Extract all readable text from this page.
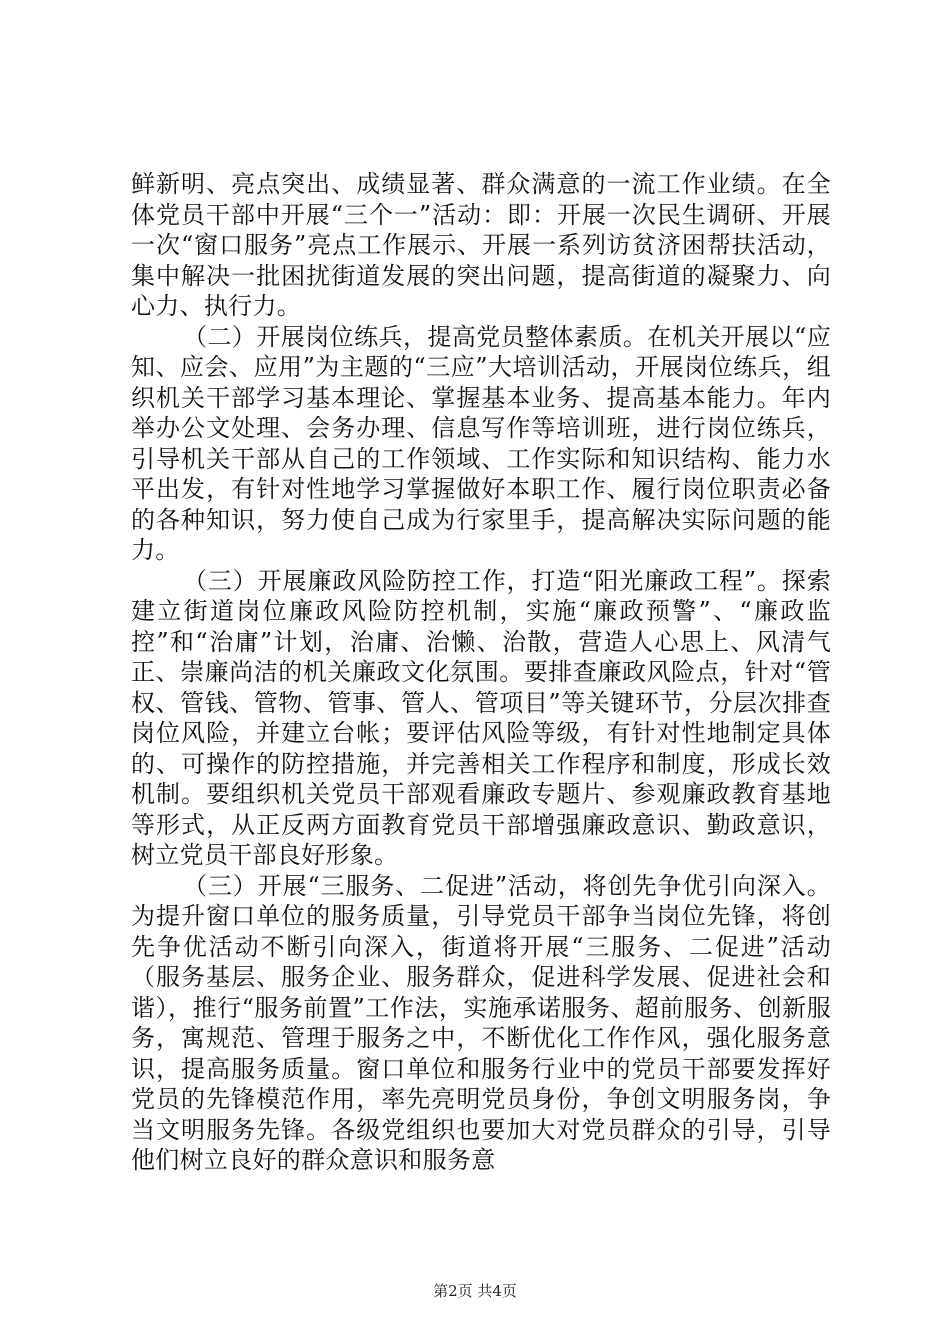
鲜新明、亮点突出、成绩显著、群众满意的一流工作业绩。在全体党员干部中开展“三个一”活动：即：开展一次民生调研、开展一次“窗口服务”亮点工作展示、开展一系列访贫济困帮扶活动，集中解决一批困扰街道发展的突出问题，提高街道的凝聚力、向心力、执行力。

（二）开展岗位练兵，提高党员整体素质。在机关开展以“应知、应会、应用”为主题的“三应”大培训活动，开展岗位练兵，组织机关干部学习基本理论、掌握基本业务、提高基本能力。年内举办公文处理、会务办理、信息写作等培训班，进行岗位练兵，引导机关干部从自己的工作领域、工作实际和知识结构、能力水平出发，有针对性地学习掌握做好本职工作、履行岗位职责必备的各种知识，努力使自己成为行家里手，提高解决实际问题的能力。

（三）开展廉政风险防控工作，打造“阳光廉政工程”。探索建立街道岗位廉政风险防控机制，实施“廉政预警”、“廉政监控”和“治庸”计划，治庸、治懒、治散，营造人心思上、风清气正、崇廉尚洁的机关廉政文化氛围。要排查廉政风险点，针对“管权、管钱、管物、管事、管人、管项目”等关键环节，分层次排查岗位风险，并建立台帐；要评估风险等级，有针对性地制定具体的、可操作的防控措施，并完善相关工作程序和制度，形成长效机制。要组织机关党员干部观看廉政专题片、参观廉政教育基地等形式，从正反两方面教育党员干部增强廉政意识、勤政意识，树立党员干部良好形象。

（三）开展“三服务、二促进”活动，将创先争优引向深入。为提升窗口单位的服务质量，引导党员干部争当岗位先锋，将创先争优活动不断引向深入，街道将开展“三服务、二促进”活动（服务基层、服务企业、服务群众，促进科学发展、促进社会和谐），推行“服务前置”工作法，实施承诺服务、超前服务、创新服务，寓规范、管理于服务之中，不断优化工作作风，强化服务意识，提高服务质量。窗口单位和服务行业中的党员干部要发挥好党员的先锋模范作用，率先亮明党员身份，争创文明服务岗，争当文明服务先锋。各级党组织也要加大对党员群众的引导，引导他们树立良好的群众意识和服务意

第2页 共4页
